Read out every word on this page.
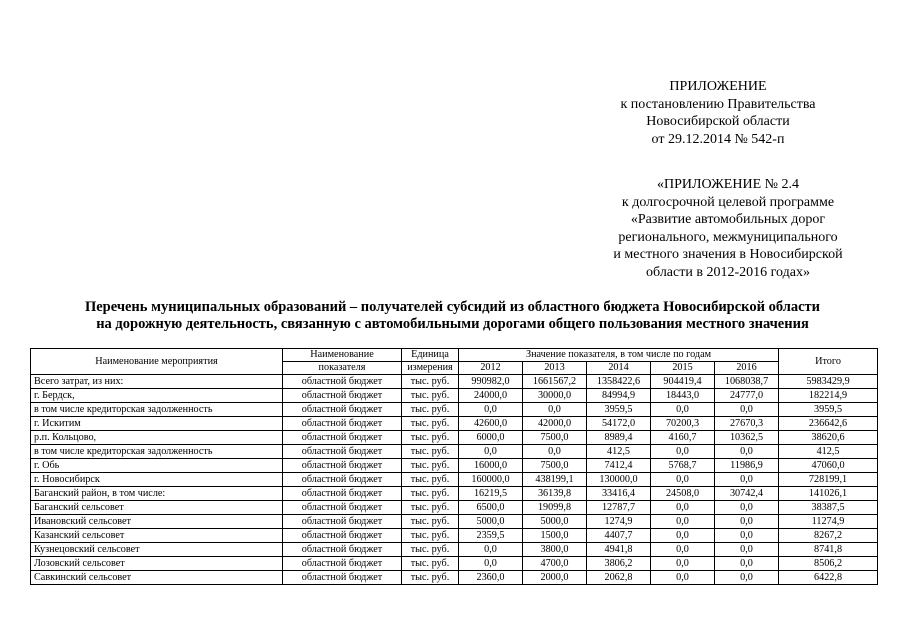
ПРИЛОЖЕНИЕ
к постановлению Правительства
Новосибирской области
от 29.12.2014 № 542-п
«ПРИЛОЖЕНИЕ № 2.4
к долгосрочной целевой программе
«Развитие автомобильных дорог
регионального, межмуниципального
и местного значения в Новосибирской
области в 2012-2016 годах»
Перечень муниципальных образований – получателей субсидий из областного бюджета Новосибирской области
на дорожную деятельность, связанную с автомобильными дорогами общего пользования местного значения
Наименование мероприятия	Наименование	Единица	Значение показателя, в том числе по годам					Итого
	показателя	измерения	2012	2013	2014	2015	2016	
Всего затрат, из них:	областной бюджет	тыс. руб.	990982,0	1661567,2	1358422,6	904419,4	1068038,7	5983429,9
г. Бердск,	областной бюджет	тыс. руб.	24000,0	30000,0	84994,9	18443,0	24777,0	182214,9
в том числе кредиторская задолженность	областной бюджет	тыс. руб.	0,0	0,0	3959,5	0,0	0,0	3959,5
г. Искитим	областной бюджет	тыс. руб.	42600,0	42000,0	54172,0	70200,3	27670,3	236642,6
р.п. Кольцово,	областной бюджет	тыс. руб.	6000,0	7500,0	8989,4	4160,7	10362,5	38620,6
в том числе кредиторская задолженность	областной бюджет	тыс. руб.	0,0	0,0	412,5	0,0	0,0	412,5
г. Обь	областной бюджет	тыс. руб.	16000,0	7500,0	7412,4	5768,7	11986,9	47060,0
г. Новосибирск	областной бюджет	тыс. руб.	160000,0	438199,1	130000,0	0,0	0,0	728199,1
Баганский район, в том числе:	областной бюджет	тыс. руб.	16219,5	36139,8	33416,4	24508,0	30742,4	141026,1
Баганский сельсовет	областной бюджет	тыс. руб.	6500,0	19099,8	12787,7	0,0	0,0	38387,5
Ивановский сельсовет	областной бюджет	тыс. руб.	5000,0	5000,0	1274,9	0,0	0,0	11274,9
Казанский сельсовет	областной бюджет	тыс. руб.	2359,5	1500,0	4407,7	0,0	0,0	8267,2
Кузнецовский сельсовет	областной бюджет	тыс. руб.	0,0	3800,0	4941,8	0,0	0,0	8741,8
Лозовский сельсовет	областной бюджет	тыс. руб.	0,0	4700,0	3806,2	0,0	0,0	8506,2
Савкинский сельсовет	областной бюджет	тыс. руб.	2360,0	2000,0	2062,8	0,0	0,0	6422,8
